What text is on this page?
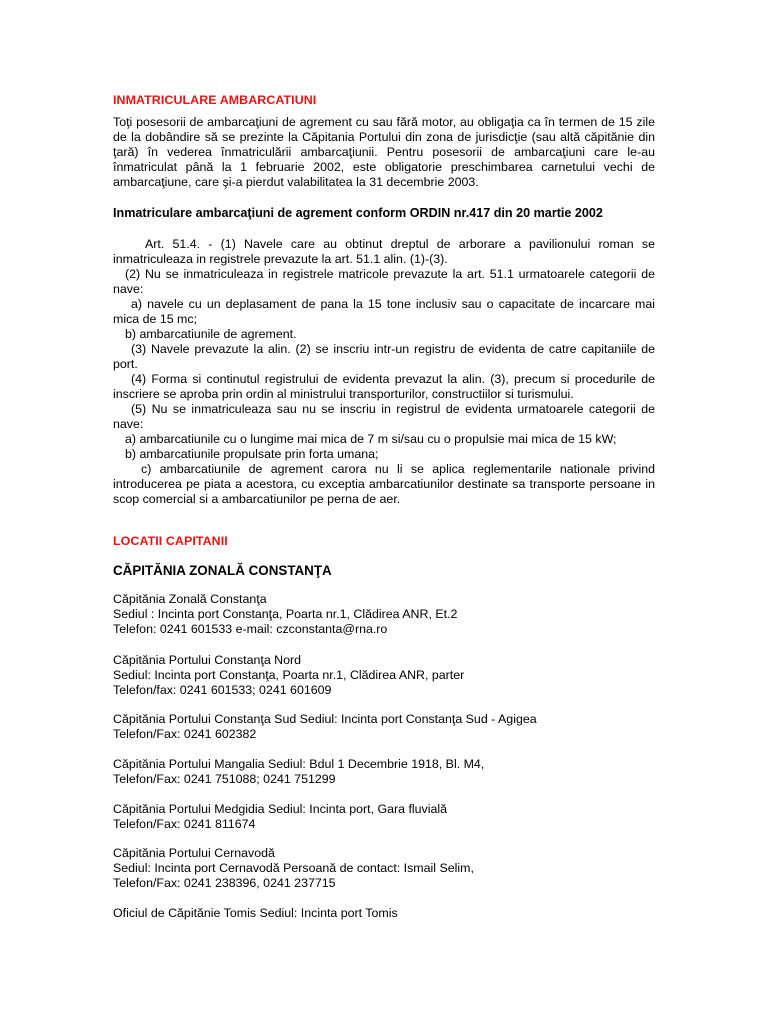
INMATRICULARE AMBARCATIUNI
Toţi posesorii de ambarcaţiuni de agrement cu sau fără motor, au obligaţia ca în termen de 15 zile
de la dobândire să se prezinte la Căpitania Portului din zona de jurisdicţie (sau altă căpitănie din
ţară) în vederea înmatriculării ambarcaţiunii. Pentru posesorii de ambarcaţiuni care le-au
înmatriculat până la 1 februarie 2002, este obligatorie preschimbarea carnetului vechi de
ambarcaţiune, care şi-a pierdut valabilitatea la 31 decembrie 2003.
Inmatriculare ambarcaţiuni de agrement conform ORDIN nr.417 din 20 martie 2002
Art. 51.4. - (1) Navele care au obtinut dreptul de arborare a pavilionului roman se
inmatriculeaza in registrele prevazute la art. 51.1 alin. (1)-(3).
(2) Nu se inmatriculeaza in registrele matricole prevazute la art. 51.1 urmatoarele categorii de
nave:
a) navele cu un deplasament de pana la 15 tone inclusiv sau o capacitate de incarcare mai
mica de 15 mc;
b) ambarcatiunile de agrement.
(3) Navele prevazute la alin. (2) se inscriu intr-un registru de evidenta de catre capitaniile de
port.
(4) Forma si continutul registrului de evidenta prevazut la alin. (3), precum si procedurile de
inscriere se aproba prin ordin al ministrului transporturilor, constructiilor si turismului.
(5) Nu se inmatriculeaza sau nu se inscriu in registrul de evidenta urmatoarele categorii de
nave:
a) ambarcatiunile cu o lungime mai mica de 7 m si/sau cu o propulsie mai mica de 15 kW;
b) ambarcatiunile propulsate prin forta umana;
c) ambarcatiunile de agrement carora nu li se aplica reglementarile nationale privind
introducerea pe piata a acestora, cu exceptia ambarcatiunilor destinate sa transporte persoane in
scop comercial si a ambarcatiunilor pe perna de aer.
LOCATII CAPITANII
CĂPITĂNIA ZONALĂ CONSTANŢA
Căpitănia Zonală Constanţa
Sediul : Incinta port Constanţa, Poarta nr.1, Clădirea ANR, Et.2
Telefon: 0241 601533 e-mail: czconstanta@rna.ro
Căpitănia Portului Constanţa Nord
Sediul: Incinta port Constanţa, Poarta nr.1, Clădirea ANR, parter
Telefon/fax: 0241 601533; 0241 601609
Căpitănia Portului Constanţa Sud Sediul: Incinta port Constanţa Sud - Agigea
Telefon/Fax: 0241 602382
Căpitănia Portului Mangalia Sediul: Bdul 1 Decembrie 1918, Bl. M4,
Telefon/Fax: 0241 751088; 0241 751299
Căpitănia Portului Medgidia Sediul: Incinta port, Gara fluvială
Telefon/Fax: 0241 811674
Căpitănia Portului Cernavodă
Sediul: Incinta port Cernavodă Persoană de contact: Ismail Selim,
Telefon/Fax: 0241 238396, 0241 237715
Oficiul de Căpitănie Tomis Sediul: Incinta port Tomis
